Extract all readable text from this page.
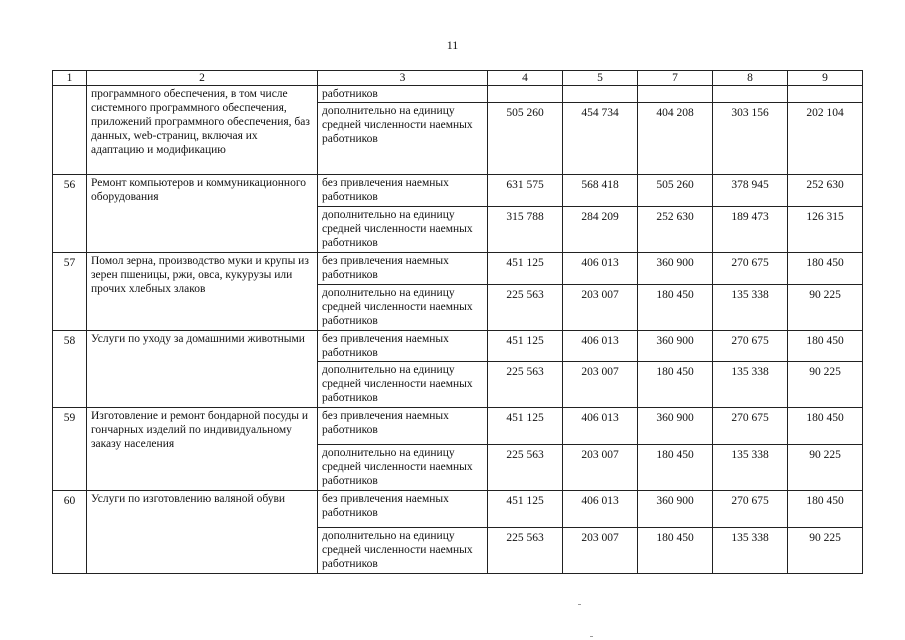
11
1	2	3	4	5	7	8	9
	программного обеспечения, в том числе системного программного обеспечения, приложений программного обеспечения, баз данных, web-страниц, включая их адаптацию и модификацию	работников					
		дополнительно на единицу средней численности наемных работников	505 260	454 734	404 208	303 156	202 104
56	Ремонт компьютеров и коммуникационного оборудования	без привлечения наемных работников	631 575	568 418	505 260	378 945	252 630
		дополнительно на единицу средней численности наемных работников	315 788	284 209	252 630	189 473	126 315
57	Помол зерна, производство муки и крупы из зерен пшеницы, ржи, овса, кукурузы или прочих хлебных злаков	без привлечения наемных работников	451 125	406 013	360 900	270 675	180 450
		дополнительно на единицу средней численности наемных работников	225 563	203 007	180 450	135 338	90 225
58	Услуги по уходу за домашними животными	без привлечения наемных работников	451 125	406 013	360 900	270 675	180 450
		дополнительно на единицу средней численности наемных работников	225 563	203 007	180 450	135 338	90 225
59	Изготовление и ремонт бондарной посуды и гончарных изделий по индивидуальному заказу населения	без привлечения наемных работников	451 125	406 013	360 900	270 675	180 450
		дополнительно на единицу средней численности наемных работников	225 563	203 007	180 450	135 338	90 225
60	Услуги по изготовлению валяной обуви	без привлечения наемных работников	451 125	406 013	360 900	270 675	180 450
		дополнительно на единицу средней численности наемных работников	225 563	203 007	180 450	135 338	90 225
